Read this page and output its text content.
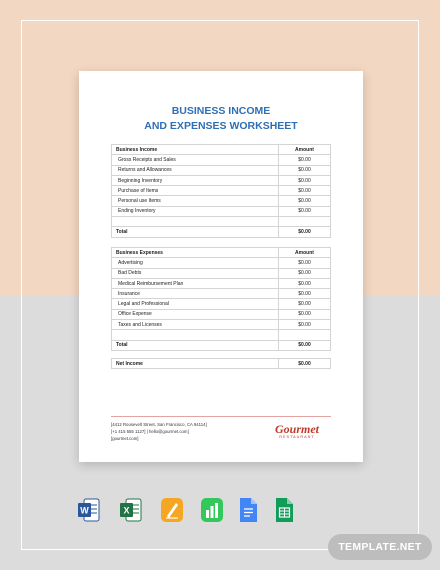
BUSINESS INCOME
AND EXPENSES WORKSHEET
Business Income	Amount
Gross Receipts and Sales	$0.00
Returns and Allowances	$0.00
Beginning Inventory	$0.00
Purchase of Items	$0.00
Personal use Items	$0.00
Ending Inventory	$0.00

Total	$0.00
Business Expenses	Amount
Advertising	$0.00
Bad Debts	$0.00
Medical Reimbursement Plan	$0.00
Insurance	$0.00
Legal and Professional	$0.00
Office Expense	$0.00
Taxes and Licenses	$0.00

Total	$0.00
Net Income	$0.00
[4412 Roosevelt Street, San Francisco, CA 94114]
[+1 415 555 1127] | hello@gourmet.com]
[gourmet.com]
Gourmet
RESTAURANT
W	X
TEMPLATE.NET
